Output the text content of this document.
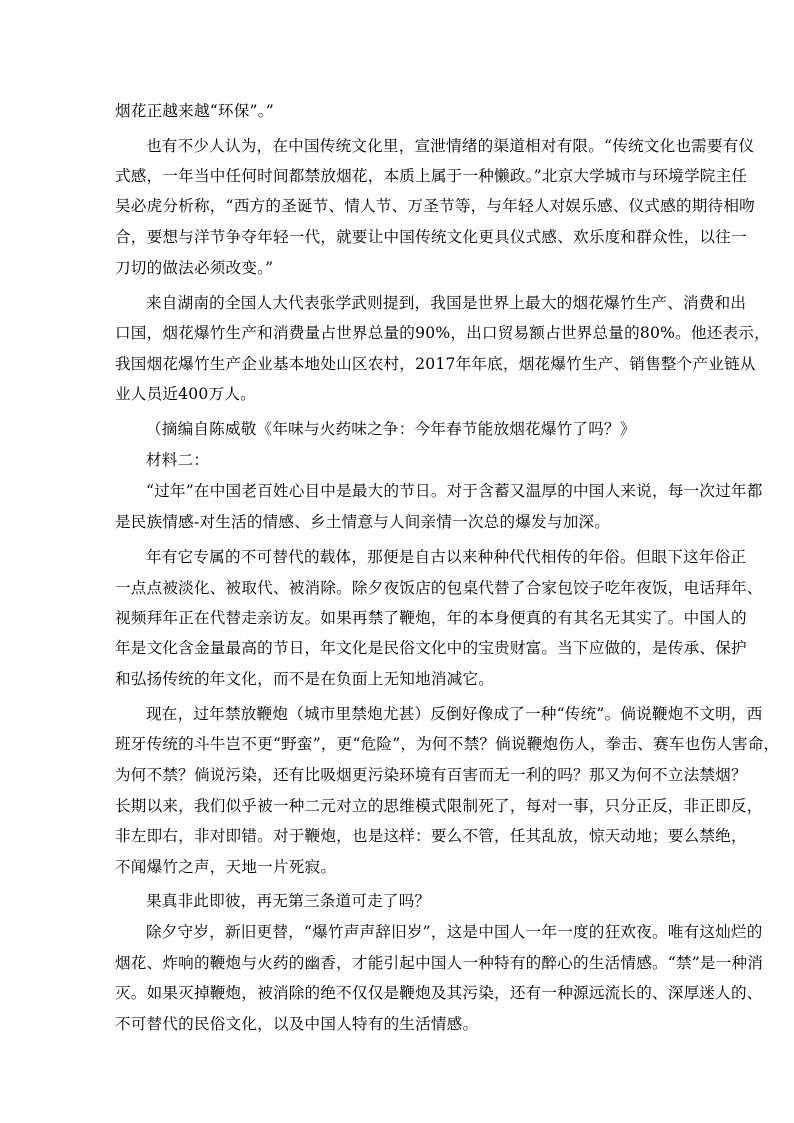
烟花正越来越“环保”。”
也有不少人认为，在中国传统文化里，宣泄情绪的渠道相对有限。“传统文化也需要有仪
式感，一年当中任何时间都禁放烟花，本质上属于一种懒政。”北京大学城市与环境学院主任
吴必虎分析称，“西方的圣诞节、情人节、万圣节等，与年轻人对娱乐感、仪式感的期待相吻
合，要想与洋节争夺年轻一代，就要让中国传统文化更具仪式感、欢乐度和群众性，以往一
刀切的做法必须改变。”
来自湖南的全国人大代表张学武则提到，我国是世界上最大的烟花爆竹生产、消费和出
口国，烟花爆竹生产和消费量占世界总量的90%，出口贸易额占世界总量的80%。他还表示，
我国烟花爆竹生产企业基本地处山区农村，2017年年底，烟花爆竹生产、销售整个产业链从
业人员近400万人。
（摘编自陈威敬《年味与火药味之争：今年春节能放烟花爆竹了吗？》
材料二：
“过年”在中国老百姓心目中是最大的节日。对于含蓄又温厚的中国人来说，每一次过年都
是民族情感-对生活的情感、乡土情意与人间亲情一次总的爆发与加深。
年有它专属的不可替代的载体，那便是自古以来种种代代相传的年俗。但眼下这年俗正
一点点被淡化、被取代、被消除。除夕夜饭店的包桌代替了合家包饺子吃年夜饭，电话拜年、
视频拜年正在代替走亲访友。如果再禁了鞭炮，年的本身便真的有其名无其实了。中国人的
年是文化含金量最高的节日，年文化是民俗文化中的宝贵财富。当下应做的，是传承、保护
和弘扬传统的年文化，而不是在负面上无知地消减它。
现在，过年禁放鞭炮（城市里禁炮尤甚）反倒好像成了一种“传统”。倘说鞭炮不文明，西
班牙传统的斗牛岂不更“野蛮”，更“危险”，为何不禁？倘说鞭炮伤人，拳击、赛车也伤人害命，
为何不禁？倘说污染，还有比吸烟更污染环境有百害而无一利的吗？那又为何不立法禁烟？
长期以来，我们似乎被一种二元对立的思维模式限制死了，每对一事，只分正反，非正即反，
非左即右，非对即错。对于鞭炮，也是这样：要么不管，任其乱放，惊天动地；要么禁绝，
不闻爆竹之声，天地一片死寂。
果真非此即彼，再无第三条道可走了吗？
除夕守岁，新旧更替，“爆竹声声辞旧岁”，这是中国人一年一度的狂欢夜。唯有这灿烂的
烟花、炸响的鞭炮与火药的幽香，才能引起中国人一种特有的醉心的生活情感。“禁”是一种消
灭。如果灭掉鞭炮，被消除的绝不仅仅是鞭炮及其污染，还有一种源远流长的、深厚迷人的、
不可替代的民俗文化，以及中国人特有的生活情感。
